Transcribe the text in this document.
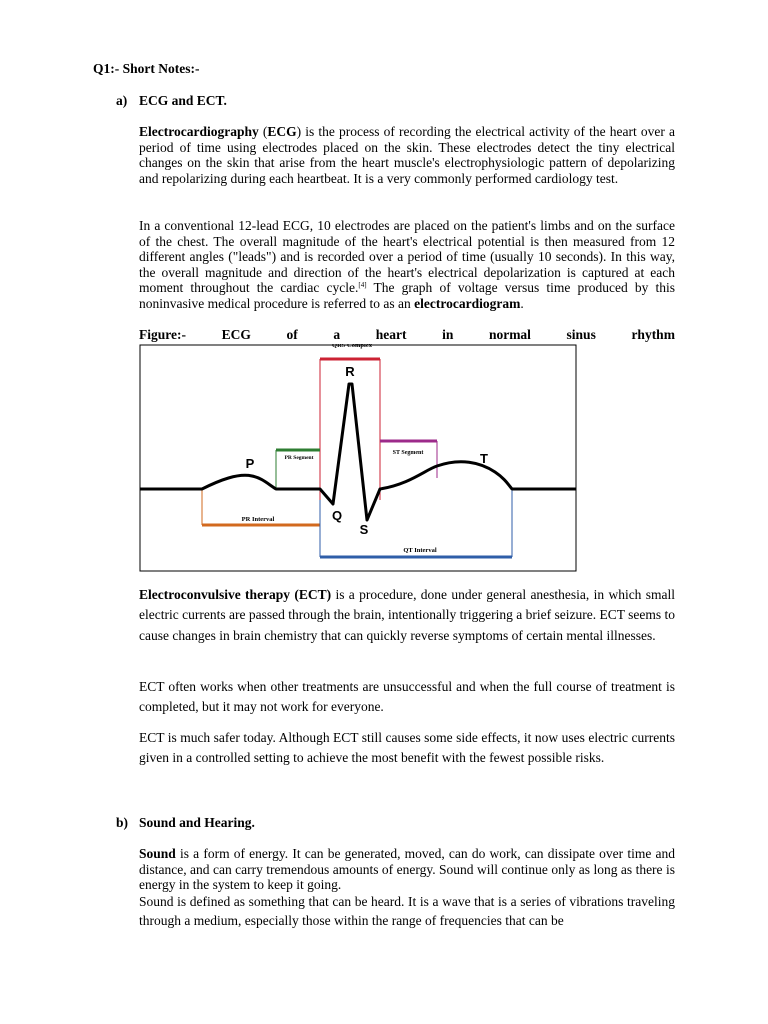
Q1:- Short Notes:-
a) ECG and ECT.
Electrocardiography (ECG) is the process of recording the electrical activity of the heart over a period of time using electrodes placed on the skin. These electrodes detect the tiny electrical changes on the skin that arise from the heart muscle's electrophysiologic pattern of depolarizing and repolarizing during each heartbeat. It is a very commonly performed cardiology test.
In a conventional 12-lead ECG, 10 electrodes are placed on the patient's limbs and on the surface of the chest. The overall magnitude of the heart's electrical potential is then measured from 12 different angles ("leads") and is recorded over a period of time (usually 10 seconds). In this way, the overall magnitude and direction of the heart's electrical depolarization is captured at each moment throughout the cardiac cycle.[4] The graph of voltage versus time produced by this noninvasive medical procedure is referred to as an electrocardiogram.
Figure:-	ECG	of	a	heart	in	normal	sinus	rhythm
QRS Complex
PR Segment
ST Segment
PR Interval
QT Interval
R
P	T
Q
S
Electroconvulsive therapy (ECT) is a procedure, done under general anesthesia, in which small electric currents are passed through the brain, intentionally triggering a brief seizure. ECT seems to cause changes in brain chemistry that can quickly reverse symptoms of certain mental illnesses.
ECT often works when other treatments are unsuccessful and when the full course of treatment is completed, but it may not work for everyone.
ECT is much safer today. Although ECT still causes some side effects, it now uses electric currents given in a controlled setting to achieve the most benefit with the fewest possible risks.
b) Sound and Hearing.
Sound is a form of energy. It can be generated, moved, can do work, can dissipate over time and distance, and can carry tremendous amounts of energy. Sound will continue only as long as there is energy in the system to keep it going.
Sound is defined as something that can be heard. It is a wave that is a series of vibrations traveling through a medium, especially those within the range of frequencies that can be
